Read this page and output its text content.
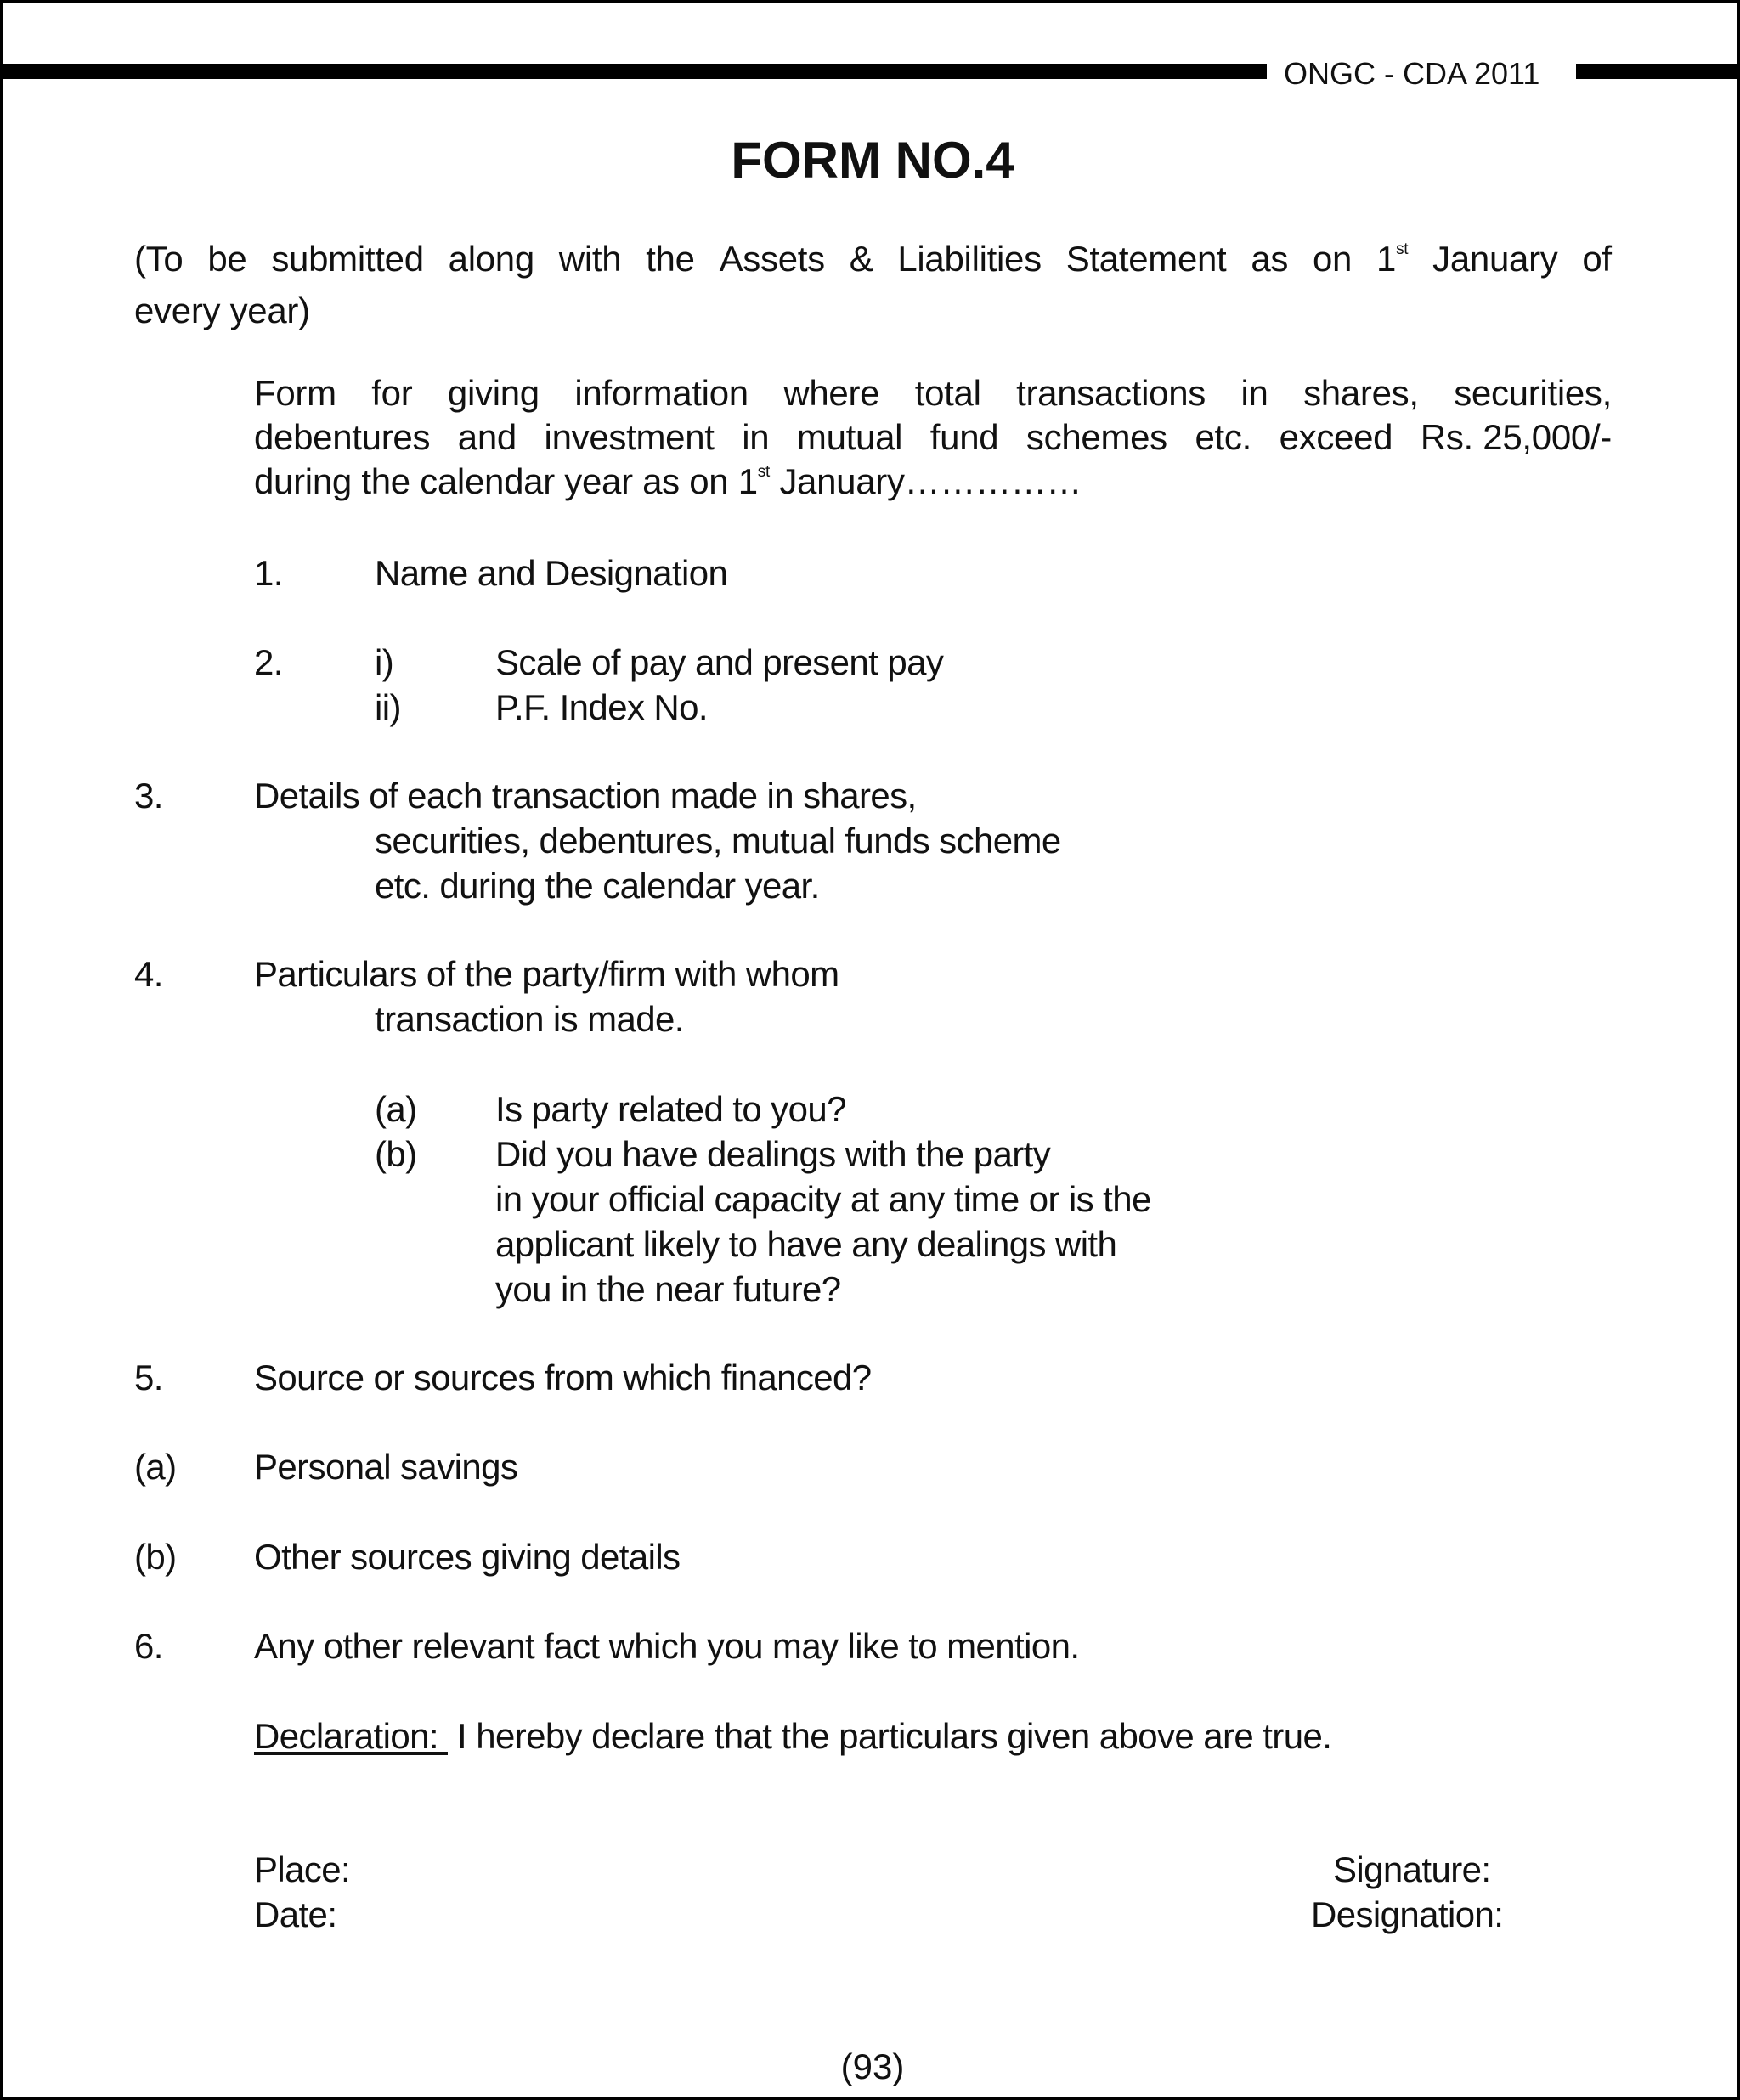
ONGC - CDA 2011
FORM NO.4
(To be submitted along with the Assets & Liabilities Statement as on 1st January of
every year)
Form for giving information where total transactions in shares, securities,
debentures and investment in mutual fund schemes etc. exceed Rs. 25,000/-
during the calendar year as on 1st January……………
1.	Name and Designation
2.	i)	Scale of pay and present pay
ii)	P.F. Index No.
3.	Details of each transaction made in shares,
securities, debentures, mutual funds scheme
etc. during the calendar year.
4.	Particulars of the party/firm with whom
transaction is made.
(a) Is party related to you?
(b) Did you have dealings with the party
in your official capacity at any time or is the
applicant likely to have any dealings with
you in the near future?
5.	Source or sources from which financed?
(a) Personal savings
(b) Other sources giving details
6.	Any other relevant fact which you may like to mention.
Declaration:  I hereby declare that the particulars given above are true.
Place:
Date:
Signature:
Designation:
(93)
